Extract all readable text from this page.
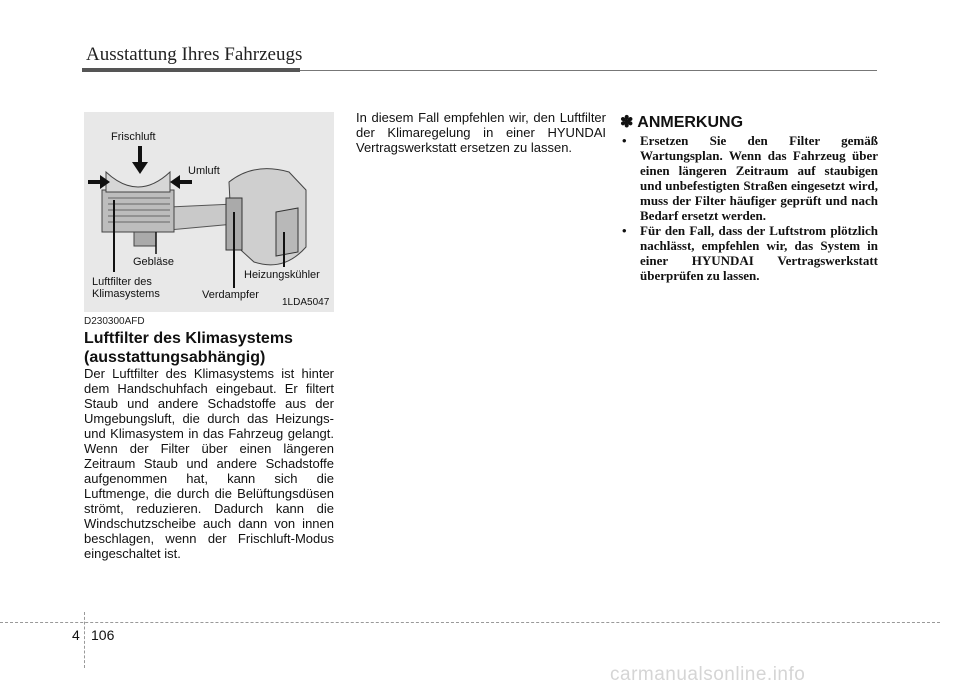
Ausstattung Ihres Fahrzeugs
Frischluft
Umluft
Gebläse
Luftfilter des
Klimasystems	Verdampfer
Heizungskühler
1LDA5047
D230300AFD
Luftfilter des Klimasystems
(ausstattungsabhängig)

Der Luftfilter des Klimasystems ist hinter dem Handschuhfach eingebaut. Er filtert Staub und andere Schadstoffe aus der Umgebungsluft, die durch das Heizungs- und Klimasystem in das Fahrzeug gelangt. Wenn der Filter über einen längeren Zeitraum Staub und andere Schadstoffe aufgenommen hat, kann sich die Luftmenge, die durch die Belüftungsdüsen strömt, reduzieren. Dadurch kann die Windschutzscheibe auch dann von innen beschlagen, wenn der Frischluft-Modus eingeschaltet ist.

In diesem Fall empfehlen wir, den Luftfilter der Klimaregelung in einer HYUNDAI Vertragswerkstatt ersetzen zu lassen.

✽ ANMERKUNG
• Ersetzen Sie den Filter gemäß Wartungsplan. Wenn das Fahrzeug über einen längeren Zeitraum auf staubigen und unbefestigten Straßen eingesetzt wird, muss der Filter häufiger geprüft und nach Bedarf ersetzt werden.
• Für den Fall, dass der Luftstrom plötzlich nachlässt, empfehlen wir, das System in einer HYUNDAI Vertragswerkstatt überprüfen zu lassen.
4 106
carmanualsonline.info
